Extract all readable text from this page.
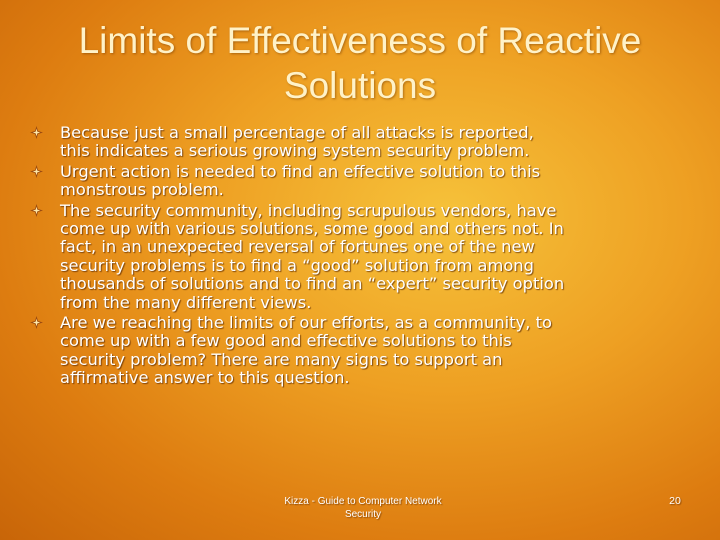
Limits of Effectiveness of Reactive
Solutions
Because just a small percentage of all attacks is reported,
this indicates a serious growing system security problem.
Urgent action is needed to find an effective solution to this
monstrous problem.
The security community, including scrupulous vendors, have
come up with various solutions, some good and others not. In
fact, in an unexpected reversal of fortunes one of the new
security problems is to find a “good” solution from among
thousands of solutions and to find an “expert” security option
from the many different views.
Are we reaching the limits of our efforts, as a community, to
come up with a few good and effective solutions to this
security problem? There are many signs to support an
affirmative answer to this question.
Kizza - Guide to Computer Network
Security
20
